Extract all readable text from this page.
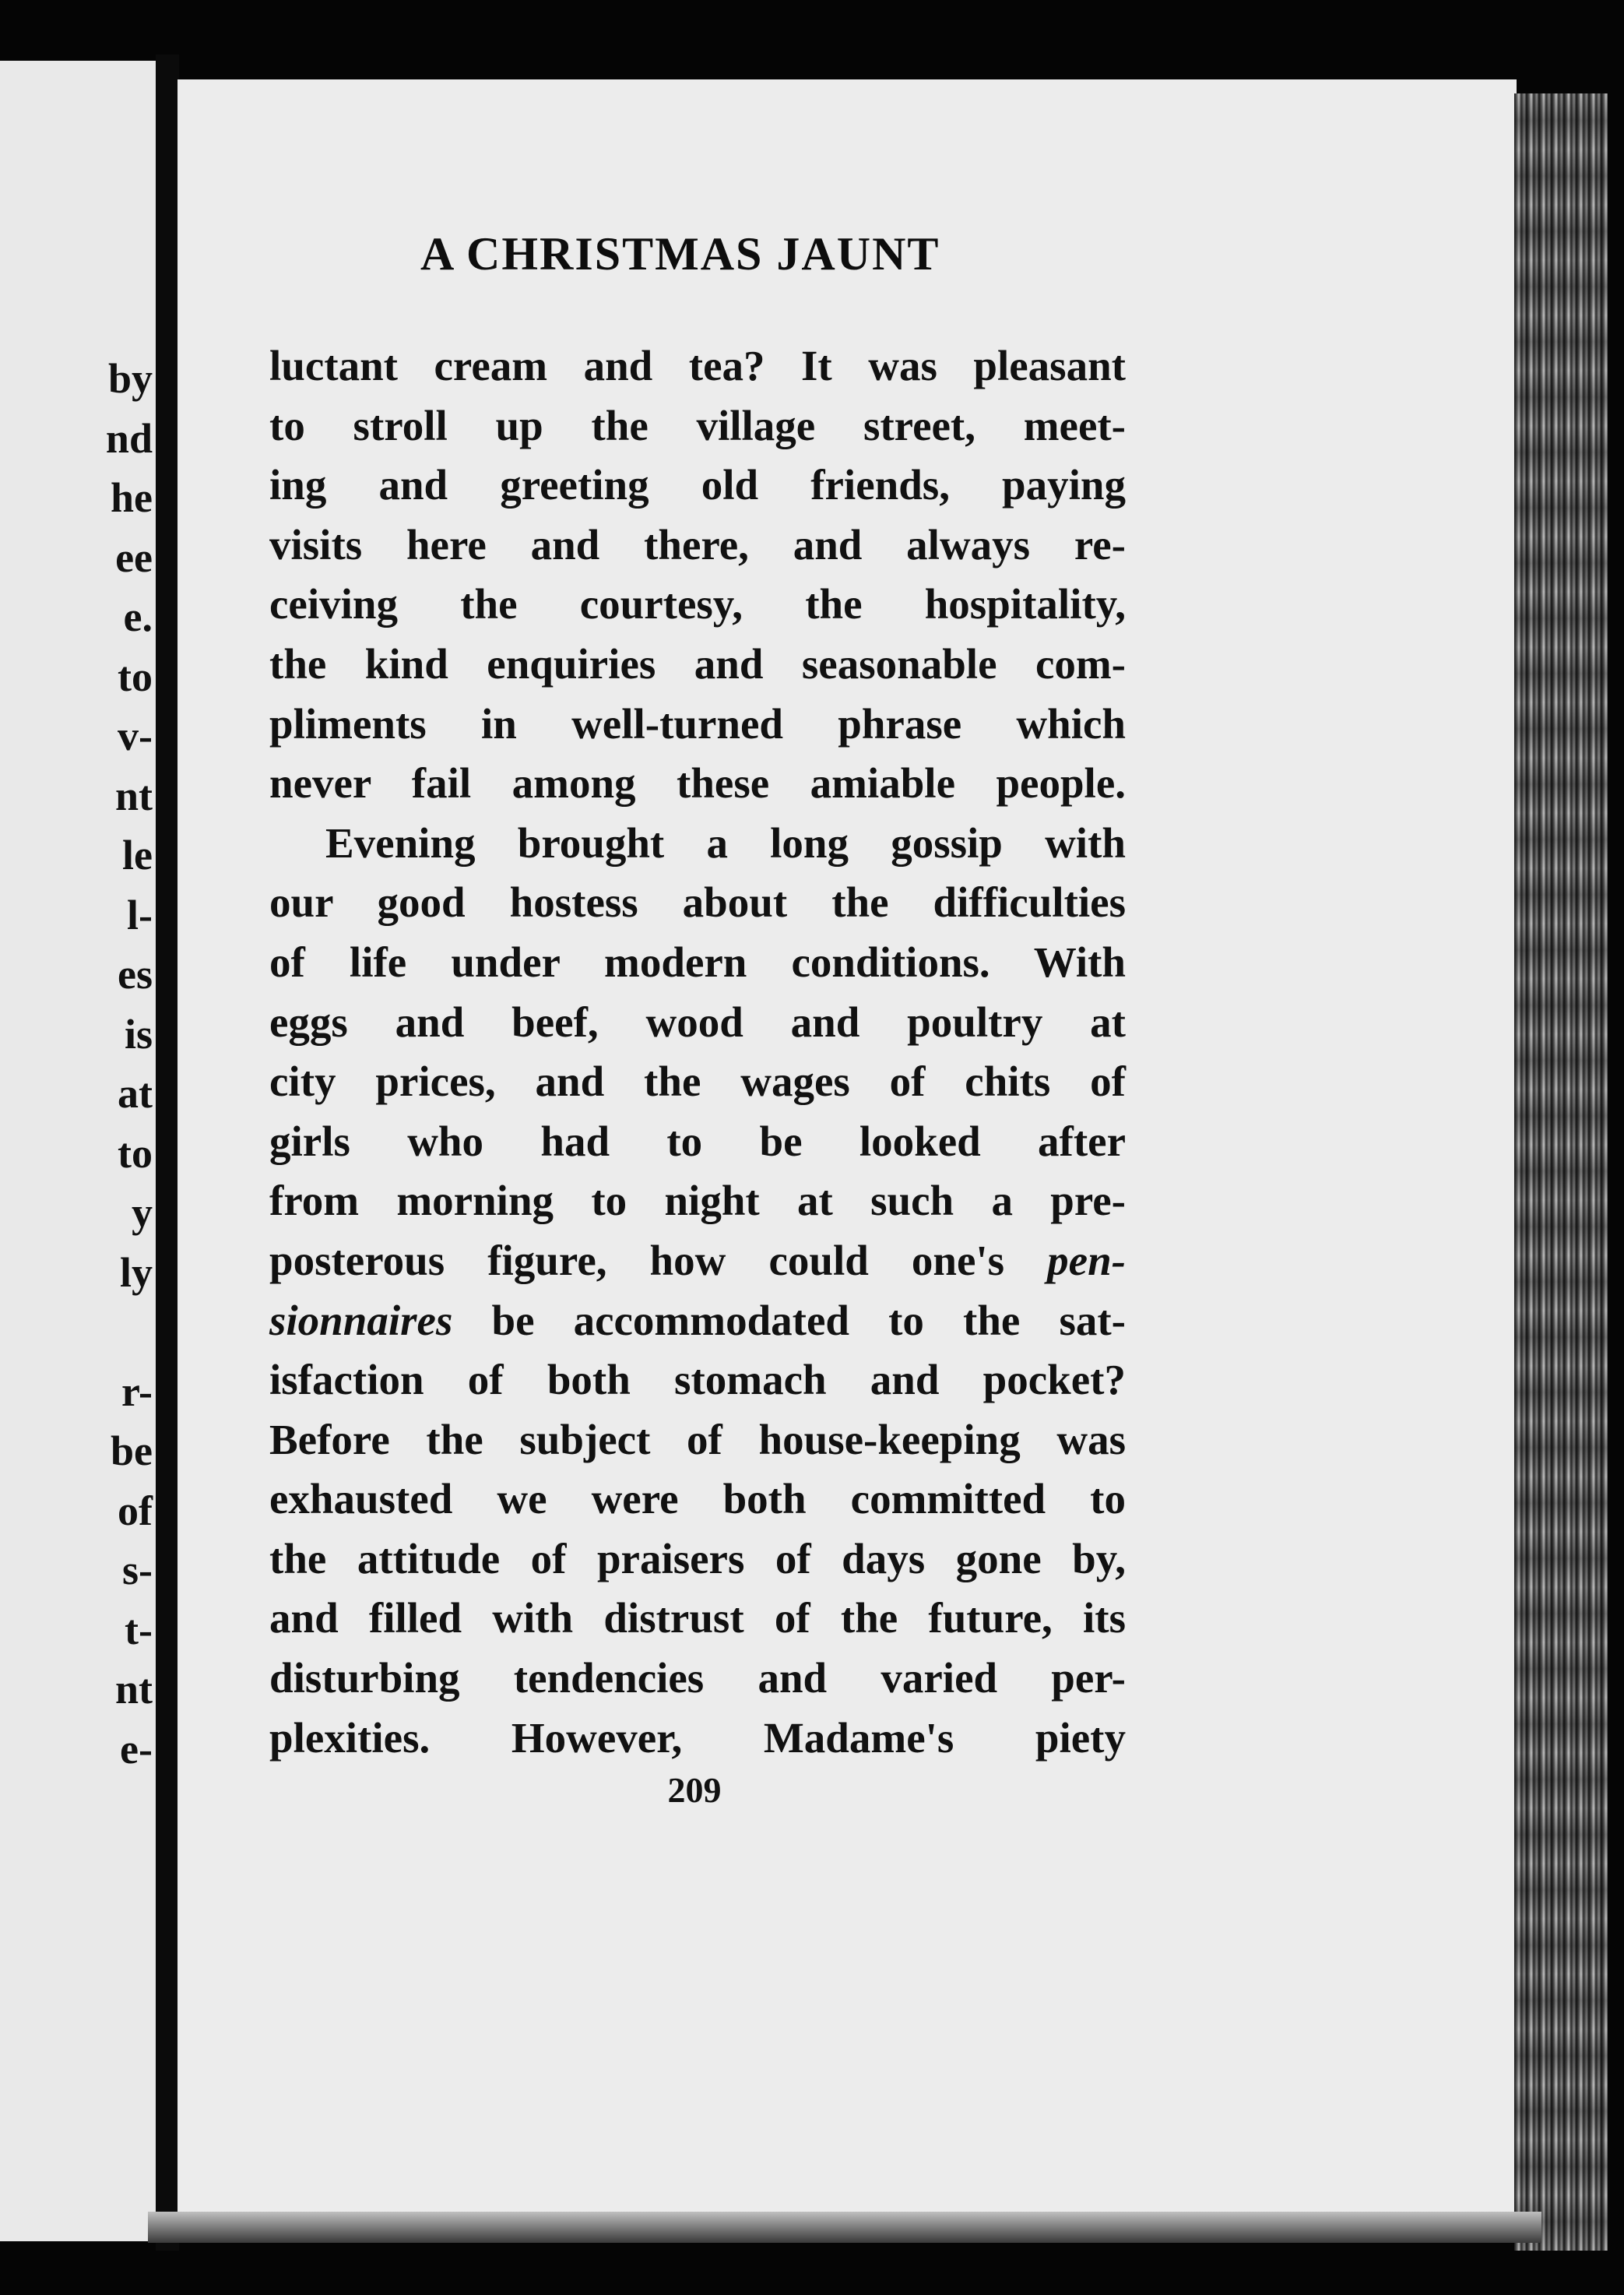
by
nd
he
ee
e.
to
v-
nt
le
l-
es
is
at
to
y
ly
r-
be
of
s-
t-
nt
e-
A CHRISTMAS JAUNT
luctant cream and tea? It was pleasant
to stroll up the village street, meet-
ing and greeting old friends, paying
visits here and there, and always re-
ceiving the courtesy, the hospitality,
the kind enquiries and seasonable com-
pliments in well-turned phrase which
never fail among these amiable people.
Evening brought a long gossip with
our good hostess about the difficulties
of life under modern conditions. With
eggs and beef, wood and poultry at
city prices, and the wages of chits of
girls who had to be looked after
from morning to night at such a pre-
posterous figure, how could one's pen-
sionnaires be accommodated to the sat-
isfaction of both stomach and pocket?
Before the subject of house-keeping was
exhausted we were both committed to
the attitude of praisers of days gone by,
and filled with distrust of the future, its
disturbing tendencies and varied per-
plexities. However, Madame's piety
209
